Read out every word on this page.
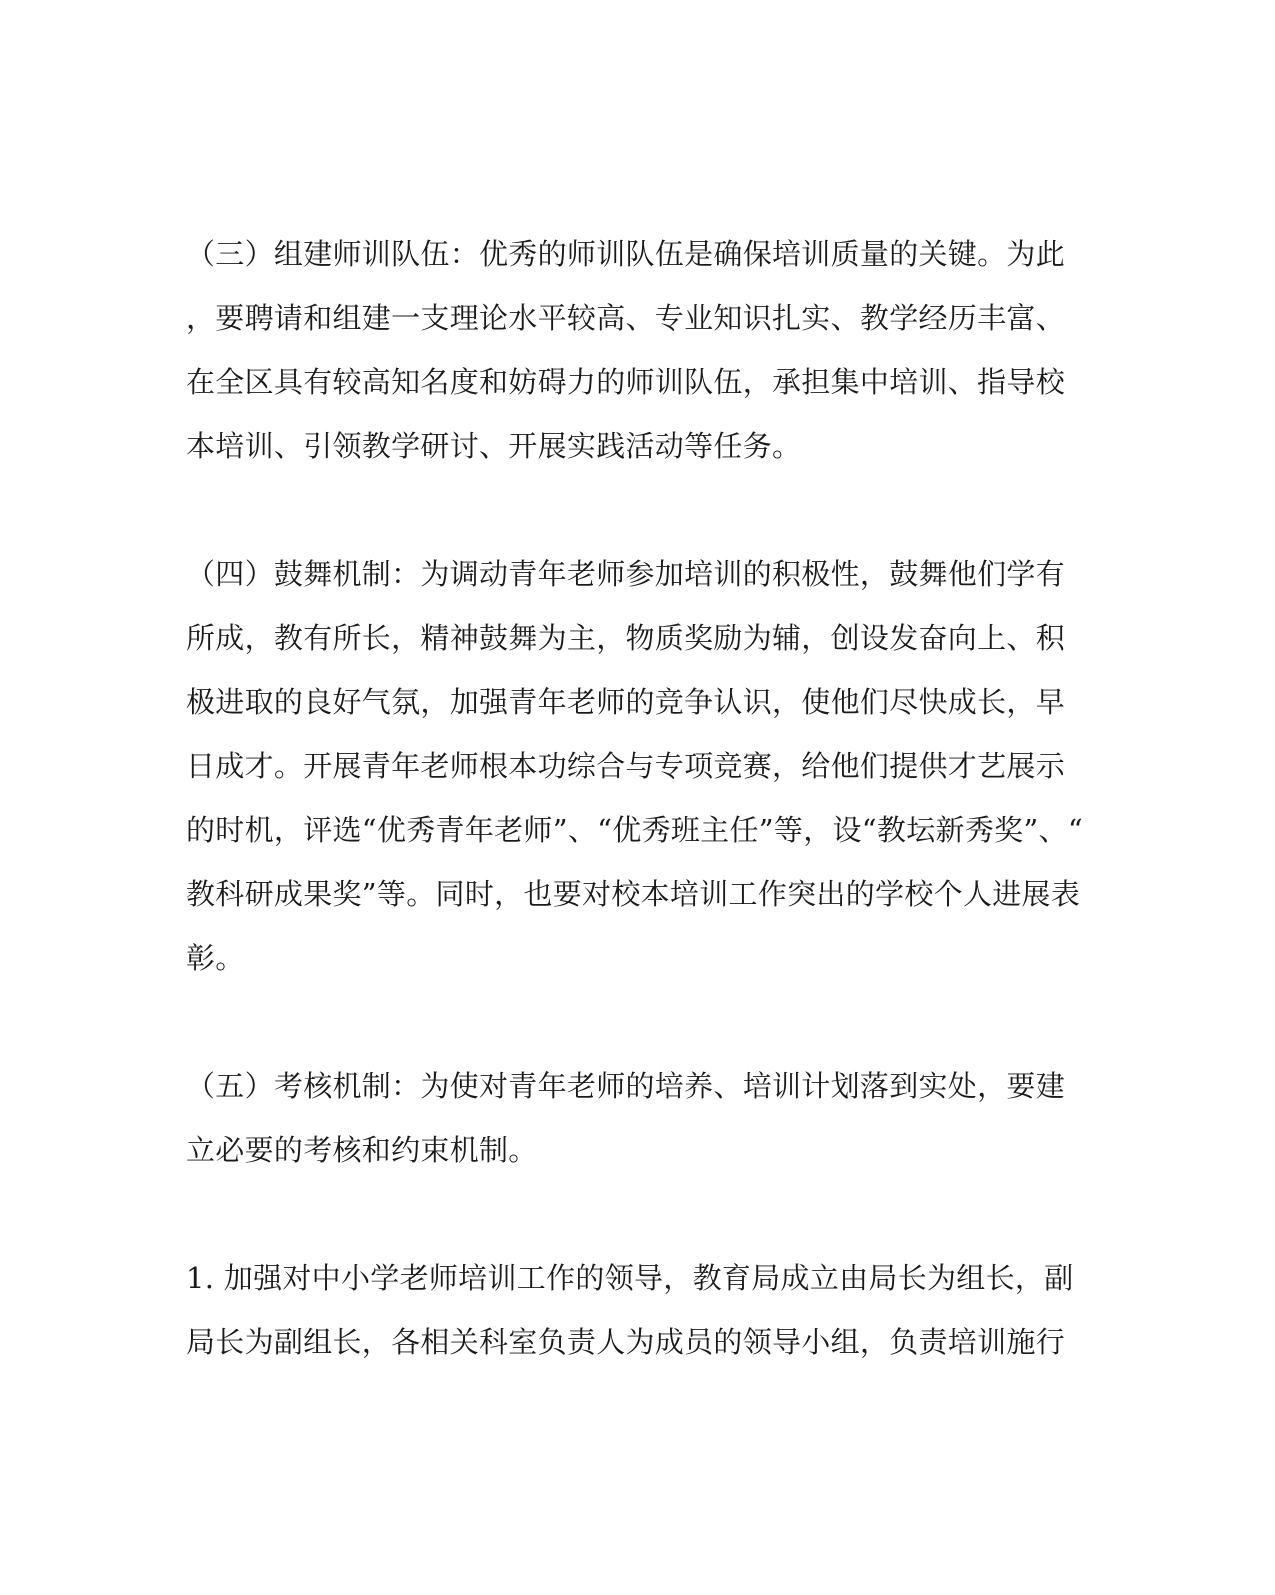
（三）组建师训队伍：优秀的师训队伍是确保培训质量的关键。为此
，要聘请和组建一支理论水平较高、专业知识扎实、教学经历丰富、
在全区具有较高知名度和妨碍力的师训队伍，承担集中培训、指导校
本培训、引领教学研讨、开展实践活动等任务。
（四）鼓舞机制：为调动青年老师参加培训的积极性，鼓舞他们学有
所成，教有所长，精神鼓舞为主，物质奖励为辅，创设发奋向上、积
极进取的良好气氛，加强青年老师的竞争认识，使他们尽快成长，早
日成才。开展青年老师根本功综合与专项竞赛，给他们提供才艺展示
的时机，评选“优秀青年老师”、“优秀班主任”等，设“教坛新秀奖”、“
教科研成果奖”等。同时，也要对校本培训工作突出的学校个人进展表
彰。
（五）考核机制：为使对青年老师的培养、培训计划落到实处，要建
立必要的考核和约束机制。
1. 加强对中小学老师培训工作的领导，教育局成立由局长为组长，副
局长为副组长，各相关科室负责人为成员的领导小组，负责培训施行
